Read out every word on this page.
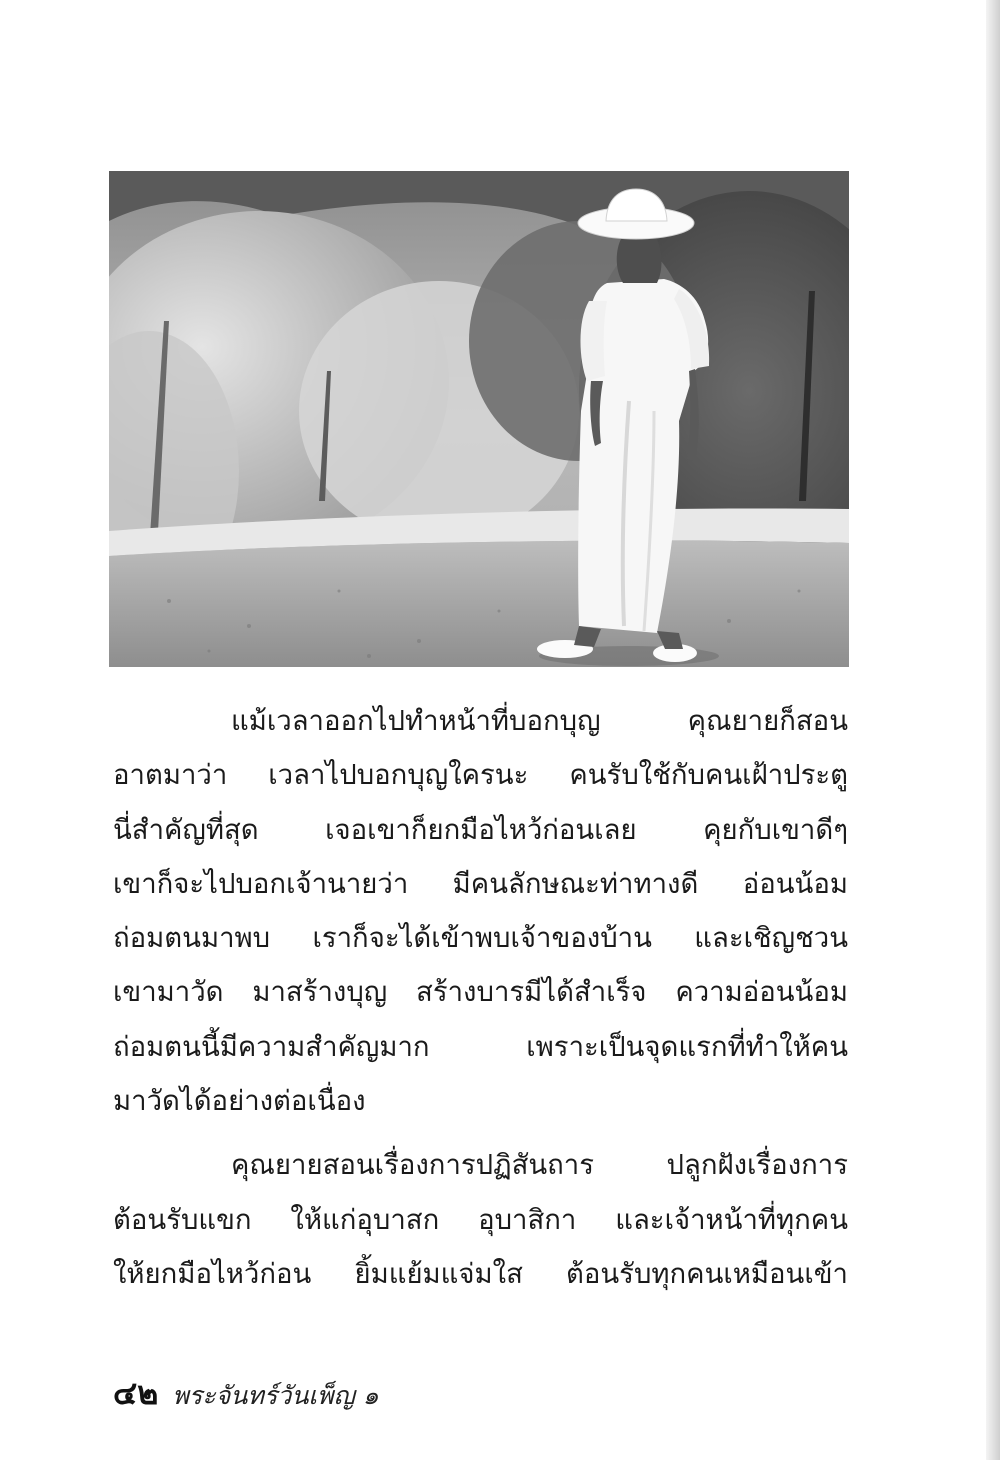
แม้เวลาออกไปทำหน้าที่บอกบุญ คุณยายก็สอน
อาตมาว่า เวลาไปบอกบุญใครนะ คนรับใช้กับคนเฝ้าประตู
นี่สำคัญที่สุด เจอเขาก็ยกมือไหว้ก่อนเลย คุยกับเขาดีๆ
เขาก็จะไปบอกเจ้านายว่า มีคนลักษณะท่าทางดี อ่อนน้อม
ถ่อมตนมาพบ เราก็จะได้เข้าพบเจ้าของบ้าน และเชิญชวน
เขามาวัด มาสร้างบุญ สร้างบารมีได้สำเร็จ ความอ่อนน้อม
ถ่อมตนนี้มีความสำคัญมาก เพราะเป็นจุดแรกที่ทำให้คน
มาวัดได้อย่างต่อเนื่อง
คุณยายสอนเรื่องการปฏิสันถาร ปลูกฝังเรื่องการ
ต้อนรับแขก ให้แก่อุบาสก อุบาสิกา และเจ้าหน้าที่ทุกคน
ให้ยกมือไหว้ก่อน ยิ้มแย้มแจ่มใส ต้อนรับทุกคนเหมือนเข้า
๔๒ พระจันทร์วันเพ็ญ ๑
